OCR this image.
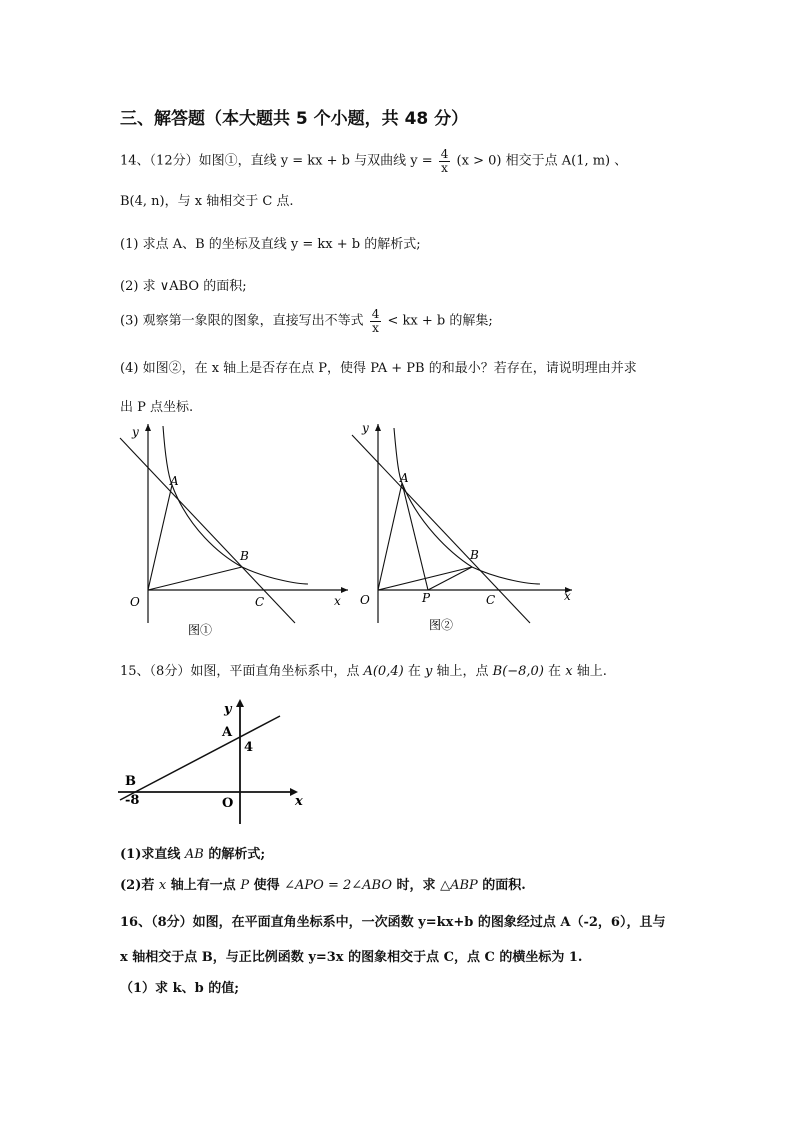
三、解答题（本大题共 5 个小题，共 48 分）
14、（12分）如图①，直线 y = kx + b 与双曲线 $y = \frac{4}{x} (x > 0)$ 相交于点 A(1, m) 、
B(4, n)，与 x 轴相交于 C 点.
(1) 求点 A、B 的坐标及直线 y = kx + b 的解析式;
(2) 求 ∨ABO 的面积;
(3) 观察第一象限的图象，直接写出不等式 $\frac{4}{x}$ < kx + b 的解集;
(4) 如图②，在 x 轴上是否存在点 P，使得 PA + PB 的和最小？若存在，请说明理由并求
出 P 点坐标.
y
x
O
A
B
C
图①
y
x
O
A
B
C
P
图②
15、（8分）如图，平面直角坐标系中，点 A(0,4) 在 y 轴上，点 B(−8,0) 在 x 轴上.
y
x
A
4
B
-8	O
(1)求直线 AB 的解析式;
(2)若 x 轴上有一点 P 使得 ∠APO = 2∠ABO 时，求 △ABP 的面积.
16、（8分）如图，在平面直角坐标系中，一次函数 y=kx+b 的图象经过点 A（-2，6），且与
x 轴相交于点 B，与正比例函数 y=3x 的图象相交于点 C，点 C 的横坐标为 1.
（1）求 k、b 的值;
